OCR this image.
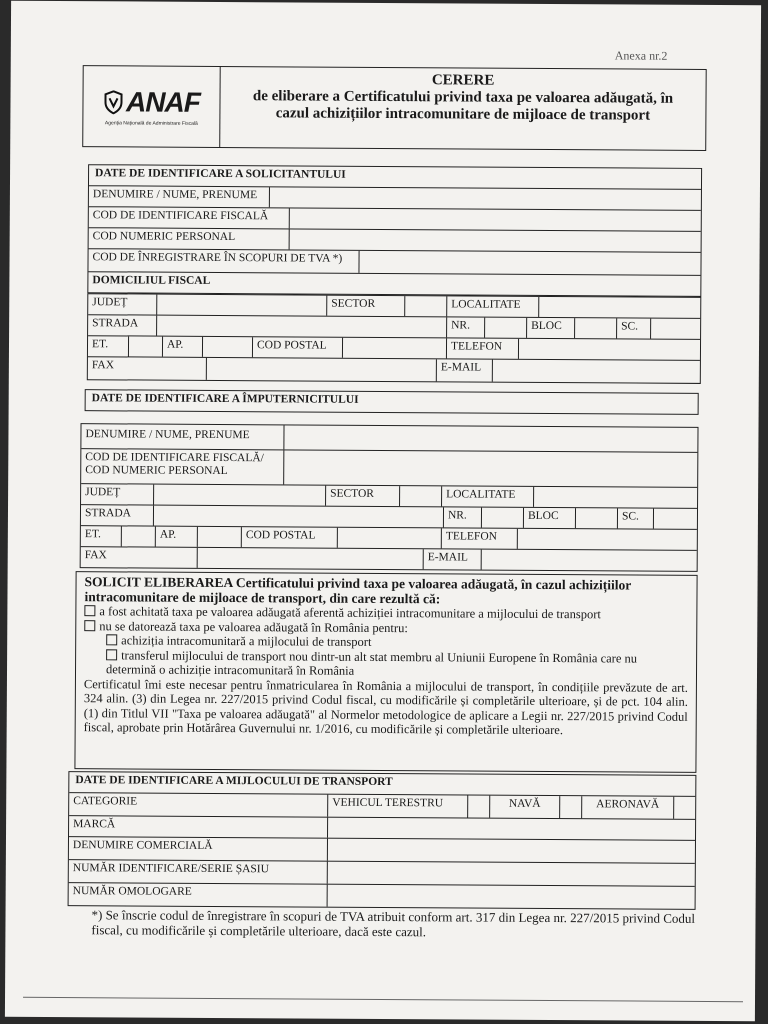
Anexa nr.2
ANAF
Agenția Națională de Administrare Fiscală
CERERE
de eliberare a Certificatului privind taxa pe valoarea adăugată, în cazul achizițiilor intracomunitare de mijloace de transport
DATE DE IDENTIFICARE A SOLICITANTULUI
DENUMIRE / NUME, PRENUME
COD DE IDENTIFICARE FISCALĂ
COD NUMERIC PERSONAL
COD DE ÎNREGISTRARE ÎN SCOPURI DE TVA *)
DOMICILIUL FISCAL
JUDEȚ	SECTOR	LOCALITATE
STRADA	NR.	BLOC	SC.
ET.	AP.	COD POSTAL	TELEFON
FAX	E-MAIL
DATE DE IDENTIFICARE A ÎMPUTERNICITULUI
DENUMIRE / NUME, PRENUME
COD DE IDENTIFICARE FISCALĂ/
COD NUMERIC PERSONAL
JUDEȚ	SECTOR	LOCALITATE
STRADA	NR.	BLOC	SC.
ET.	AP.	COD POSTAL	TELEFON
FAX	E-MAIL
SOLICIT ELIBERAREA Certificatului privind taxa pe valoarea adăugată, în cazul achizițiilor intracomunitare de mijloace de transport, din care rezultă că:
a fost achitată taxa pe valoarea adăugată aferentă achiziției intracomunitare a mijlocului de transport
nu se datorează taxa pe valoarea adăugată în România pentru:
achiziția intracomunitară a mijlocului de transport
transferul mijlocului de transport nou dintr-un alt stat membru al Uniunii Europene în România care nu determină o achiziție intracomunitară în România
Certificatul îmi este necesar pentru înmatricularea în România a mijlocului de transport, în condițiile prevăzute de art. 324 alin. (3) din Legea nr. 227/2015 privind Codul fiscal, cu modificările și completările ulterioare, și de pct. 104 alin. (1) din Titlul VII "Taxa pe valoarea adăugată" al Normelor metodologice de aplicare a Legii nr. 227/2015 privind Codul fiscal, aprobate prin Hotărârea Guvernului nr. 1/2016, cu modificările și completările ulterioare.
DATE DE IDENTIFICARE A MIJLOCULUI DE TRANSPORT
CATEGORIE	VEHICUL TERESTRU	NAVĂ	AERONAVĂ
MARCĂ
DENUMIRE COMERCIALĂ
NUMĂR IDENTIFICARE/SERIE ȘASIU
NUMĂR OMOLOGARE
*) Se înscrie codul de înregistrare în scopuri de TVA atribuit conform art. 317 din Legea nr. 227/2015 privind Codul fiscal, cu modificările și completările ulterioare, dacă este cazul.
